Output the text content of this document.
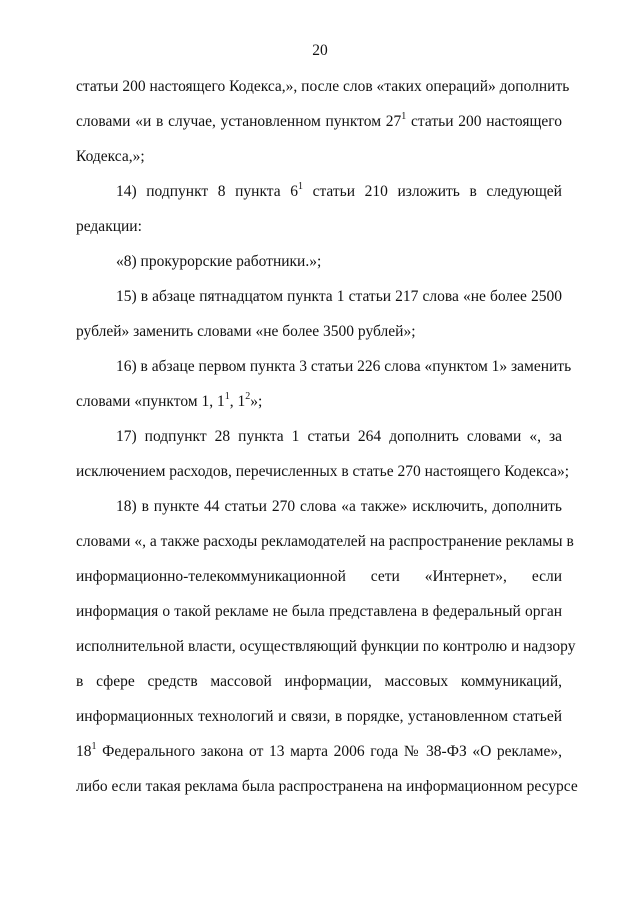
20
статьи 200 настоящего Кодекса,», после слов «таких операций» дополнить
словами «и в случае, установленном пунктом $27^1$ статьи 200 настоящего
Кодекса,»;
14) подпункт 8 пункта $6^1$ статьи 210 изложить в следующей
редакции:
«8) прокурорские работники.»;
15) в абзаце пятнадцатом пункта 1 статьи 217 слова «не более 2500
рублей» заменить словами «не более 3500 рублей»;
16) в абзаце первом пункта 3 статьи 226 слова «пунктом 1» заменить
словами «пунктом 1, $1^1$, $1^2$»;
17) подпункт 28 пункта 1 статьи 264 дополнить словами «, за
исключением расходов, перечисленных в статье 270 настоящего Кодекса»;
18) в пункте 44 статьи 270 слова «а также» исключить, дополнить
словами «, а также расходы рекламодателей на распространение рекламы в
информационно-телекоммуникационной сети «Интернет», если
информация о такой рекламе не была представлена в федеральный орган
исполнительной власти, осуществляющий функции по контролю и надзору
в сфере средств массовой информации, массовых коммуникаций,
информационных технологий и связи, в порядке, установленном статьей
$18^1$ Федерального закона от 13 марта 2006 года № 38-ФЗ «О рекламе»,
либо если такая реклама была распространена на информационном ресурсе
